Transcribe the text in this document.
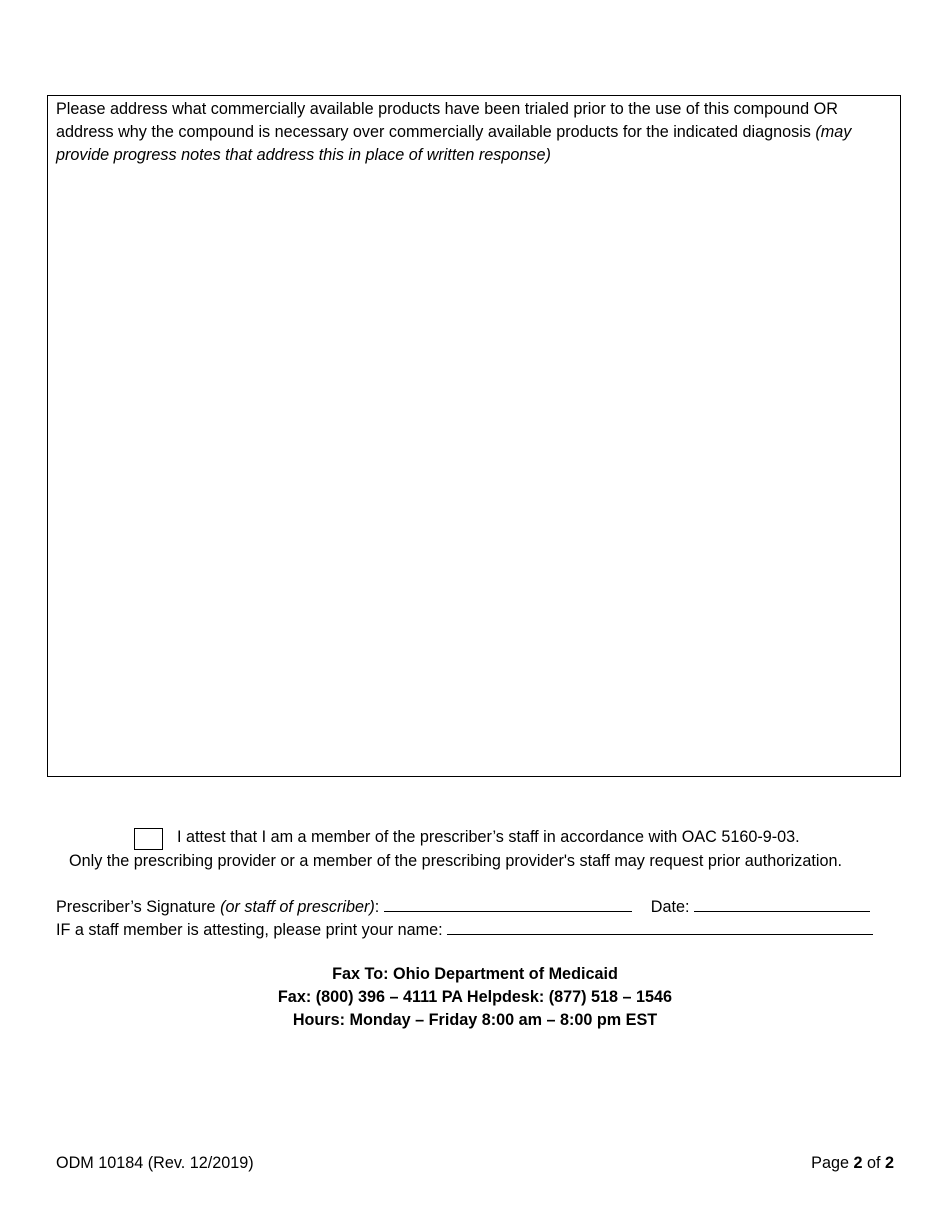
Please address what commercially available products have been trialed prior to the use of this compound OR address why the compound is necessary over commercially available products for the indicated diagnosis (may provide progress notes that address this in place of written response)
I attest that I am a member of the prescriber’s staff in accordance with OAC 5160-9-03.
Only the prescribing provider or a member of the prescribing provider's staff may request prior authorization.
Prescriber’s Signature (or staff of prescriber):	Date:
IF a staff member is attesting, please print your name:
Fax To: Ohio Department of Medicaid
Fax: (800) 396 – 4111 PA Helpdesk: (877) 518 – 1546
Hours: Monday – Friday 8:00 am – 8:00 pm EST
ODM 10184 (Rev. 12/2019)	Page 2 of 2
